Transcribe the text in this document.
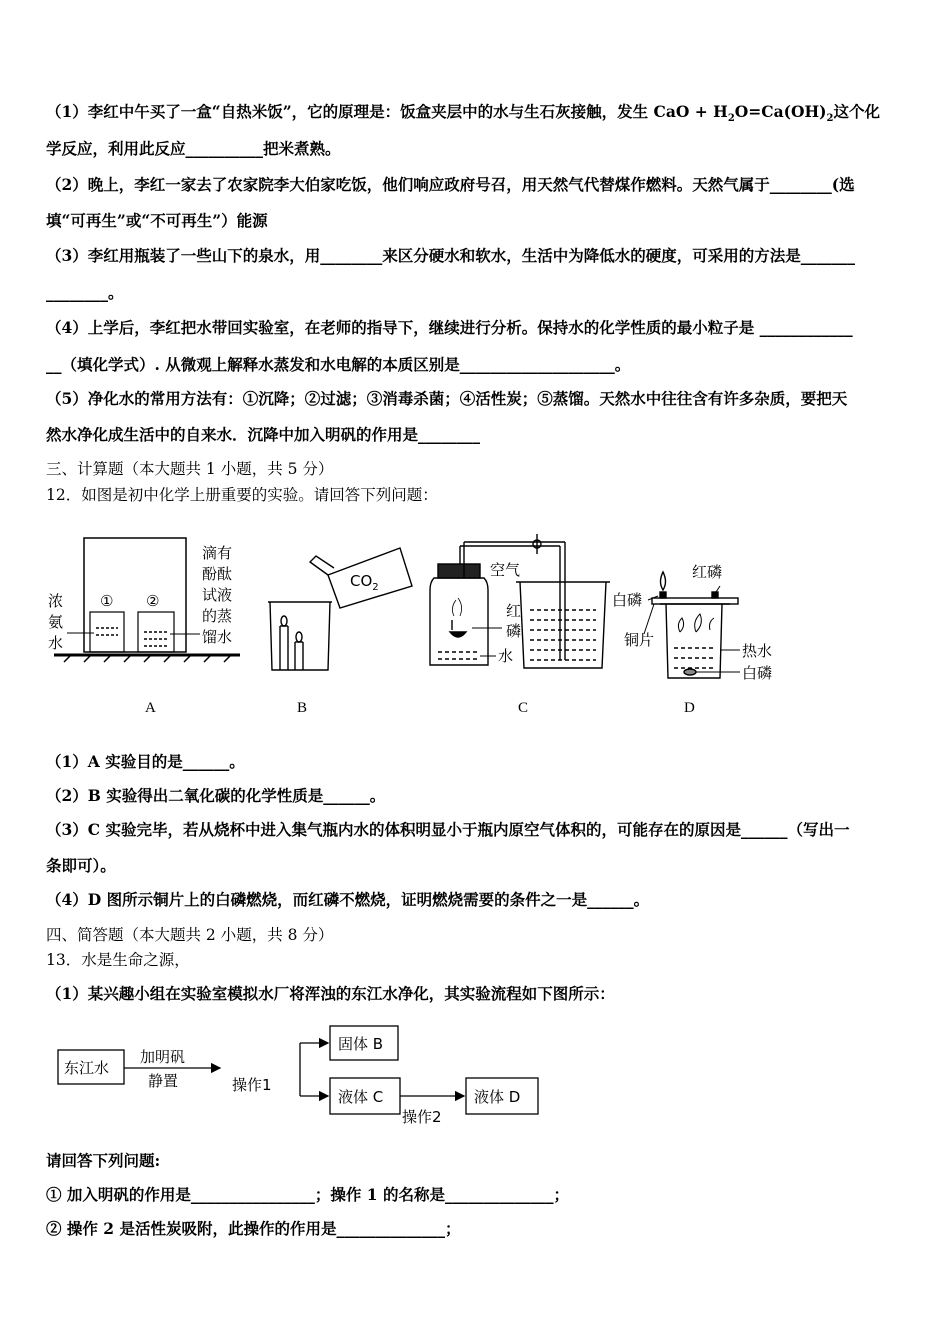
（1）李红中午买了一盒“自热米饭”，它的原理是：饭盒夹层中的水与生石灰接触，发生 CaO + $H_2O=Ca(OH)_2$这个化
学反应，利用此反应__________把米煮熟。
（2）晚上，李红一家去了农家院李大伯家吃饭，他们响应政府号召，用天然气代替煤作燃料。天然气属于________(选
填“可再生”或“不可再生”）能源
（3）李红用瓶装了一些山下的泉水，用________来区分硬水和软水，生活中为降低水的硬度，可采用的方法是_______
________。
（4）上学后，李红把水带回实验室，在老师的指导下，继续进行分析。保持水的化学性质的最小粒子是 ____________
__（填化学式）. 从微观上解释水蒸发和水电解的本质区别是____________________。
（5）净化水的常用方法有：①沉降；②过滤；③消毒杀菌；④活性炭；⑤蒸馏。天然水中往往含有许多杂质，要把天
然水净化成生活中的自来水．沉降中加入明矾的作用是________
三、计算题（本大题共 1 小题，共 5 分）
12．如图是初中化学上册重要的实验。请回答下列问题：
浓
氨
水
滴有
酚酞
试液
的蒸
馏水
① ②
$CO_2$
空气
红
磷
水
红磷
白磷
铜片
热水
白磷
A	B	C	D
（1）A 实验目的是______。
（2）B 实验得出二氧化碳的化学性质是______。
（3）C 实验完毕，若从烧杯中进入集气瓶内水的体积明显小于瓶内原空气体积的，可能存在的原因是______（写出一
条即可）。
（4）D 图所示铜片上的白磷燃烧，而红磷不燃烧，证明燃烧需要的条件之一是______。
四、简答题（本大题共 2 小题，共 8 分）
13．水是生命之源，
（1）某兴趣小组在实验室模拟水厂将浑浊的东江水净化，其实验流程如下图所示：
东江水
加明矾
静置	操作1
固体 B
液体 C
操作2
液体 D
请回答下列问题:
① 加入明矾的作用是________________；操作 1 的名称是______________；
② 操作 2 是活性炭吸附，此操作的作用是______________；
